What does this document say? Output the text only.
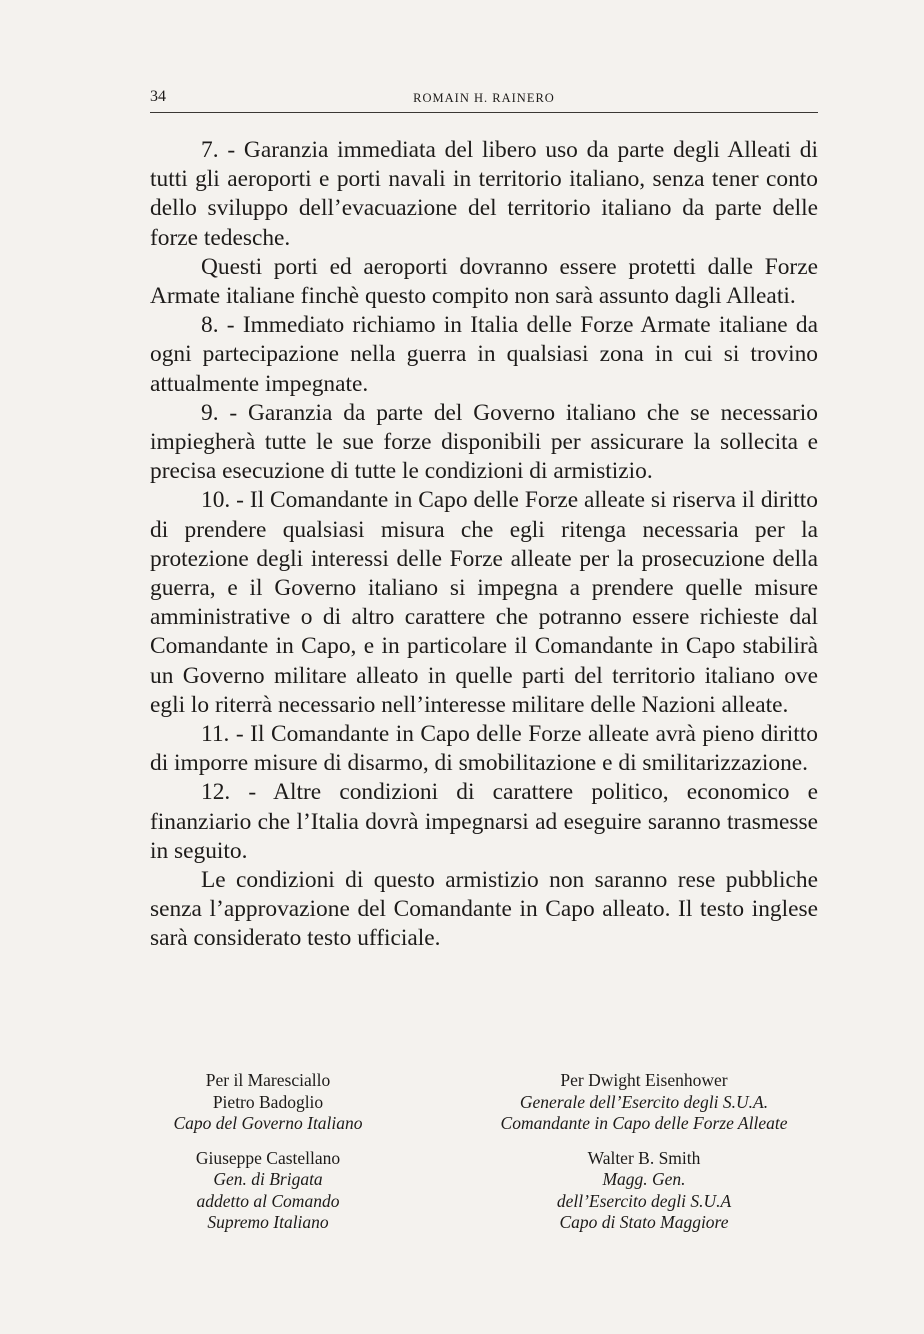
34	ROMAIN H. RAINERO

7. - Garanzia immediata del libero uso da parte degli Alleati di tutti gli aeroporti e porti navali in territorio italiano, senza tener conto dello sviluppo dell’evacuazione del territorio italiano da parte delle forze tedesche.

Questi porti ed aeroporti dovranno essere protetti dalle Forze Armate italiane finchè questo compito non sarà assunto dagli Alleati.

8. - Immediato richiamo in Italia delle Forze Armate italiane da ogni partecipazione nella guerra in qualsiasi zona in cui si trovino attualmente impegnate.

9. - Garanzia da parte del Governo italiano che se necessario impiegherà tutte le sue forze disponibili per assicurare la sollecita e precisa esecuzione di tutte le condizioni di armistizio.

10. - Il Comandante in Capo delle Forze alleate si riserva il diritto di prendere qualsiasi misura che egli ritenga necessaria per la protezione degli interessi delle Forze alleate per la prosecuzione della guerra, e il Governo italiano si impegna a prendere quelle misure amministrative o di altro carattere che potranno essere richieste dal Comandante in Capo, e in particolare il Comandante in Capo stabilirà un Governo militare alleato in quelle parti del territorio italiano ove egli lo riterrà necessario nell’interesse militare delle Nazioni alleate.

11. - Il Comandante in Capo delle Forze alleate avrà pieno diritto di imporre misure di disarmo, di smobilitazione e di smilitarizzazione.

12. - Altre condizioni di carattere politico, economico e finanziario che l’Italia dovrà impegnarsi ad eseguire saranno trasmesse in seguito.

Le condizioni di questo armistizio non saranno rese pubbliche senza l’approvazione del Comandante in Capo alleato. Il testo inglese sarà considerato testo ufficiale.

Per il Maresciallo
Pietro Badoglio
Capo del Governo Italiano
Per Dwight Eisenhower
Generale dell’Esercito degli S.U.A.
Comandante in Capo delle Forze Alleate
Giuseppe Castellano
Gen. di Brigata
addetto al Comando
Supremo Italiano
Walter B. Smith
Magg. Gen.
dell’Esercito degli S.U.A
Capo di Stato Maggiore
